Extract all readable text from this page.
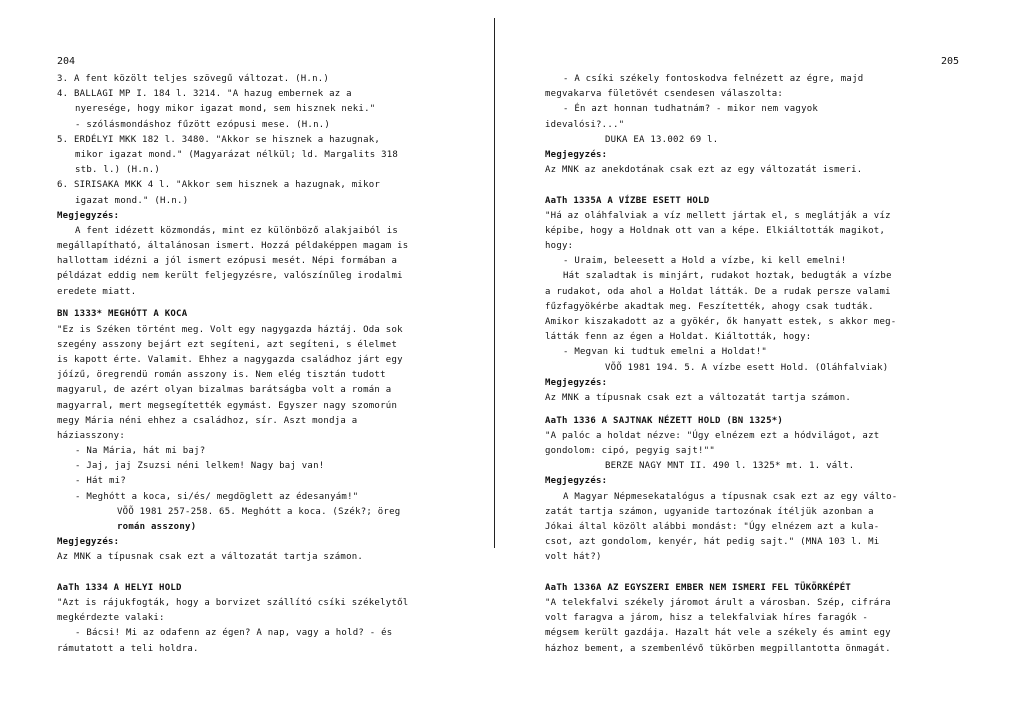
204	205
3. A fent közölt teljes szövegű változat. (H.n.)
4. BALLAGI MP I. 184 l. 3214. "A hazug embernek az a
nyeresége, hogy mikor igazat mond, sem hisznek neki."
- szólásmondáshoz fűzött ezópusi mese. (H.n.)
5. ERDÉLYI MKK 182 l. 3480. "Akkor se hisznek a hazugnak,
mikor igazat mond." (Magyarázat nélkül; ld. Margalits 318
stb. l.) (H.n.)
6. SIRISAKA MKK 4 l. "Akkor sem hisznek a hazugnak, mikor
igazat mond." (H.n.)
Megjegyzés:
A fent idézett közmondás, mint ez különböző alakjaiból is
megállapítható, általánosan ismert. Hozzá példaképpen magam is
hallottam idézni a jól ismert ezópusi mesét. Népi formában a
példázat eddig nem került feljegyzésre, valószínűleg irodalmi
eredete miatt.
BN 1333* MEGHÓTT A KOCA
"Ez is Széken történt meg. Volt egy nagygazda háztáj. Oda sok
szegény asszony bejárt ezt segíteni, azt segíteni, s élelmet
is kapott érte. Valamit. Ehhez a nagygazda családhoz járt egy
jóízű, öregrendü román asszony is. Nem elég tisztán tudott
magyarul, de azért olyan bizalmas barátságba volt a román a
magyarral, mert megsegítették egymást. Egyszer nagy szomorún
megy Mária néni ehhez a családhoz, sír. Aszt mondja a
háziasszony:
- Na Mária, hát mi baj?
- Jaj, jaj Zsuzsi néni lelkem! Nagy baj van!
- Hát mi?
- Meghótt a koca, si/és/ megdöglett az édesanyám!"
VÕÕ 1981 257-258. 65. Meghótt a koca. (Szék?; öreg
román asszony)
Megjegyzés:
Az MNK a típusnak csak ezt a változatát tartja számon.
AaTh 1334 A HELYI HOLD
"Azt is rájukfogták, hogy a borvizet szállító csíki székelytől
megkérdezte valaki:
- Bácsi! Mi az odafenn az égen? A nap, vagy a hold? - és
rámutatott a teli holdra.
- A csíki székely fontoskodva felnézett az égre, majd
megvakarva fületövét csendesen válaszolta:
- Én azt honnan tudhatnám? - mikor nem vagyok
idevalósi?..."
DUKA EA 13.002 69 l.
Megjegyzés:
Az MNK az anekdotának csak ezt az egy változatát ismeri.
AaTh 1335A A VÍZBE ESETT HOLD
"Há az oláhfalviak a víz mellett jártak el, s meglátják a víz
képibe, hogy a Holdnak ott van a képe. Elkiáltották magikot,
hogy:
- Uraim, beleesett a Hold a vízbe, ki kell emelni!
Hát szaladtak is minjárt, rudakot hoztak, bedugták a vízbe
a rudakot, oda ahol a Holdat látták. De a rudak persze valami
fűzfagyökérbe akadtak meg. Feszítették, ahogy csak tudták.
Amikor kiszakadott az a gyökér, ők hanyatt estek, s akkor meg-
látták fenn az égen a Holdat. Kiáltották, hogy:
- Megvan ki tudtuk emelni a Holdat!"
VÕÕ 1981 194. 5. A vízbe esett Hold. (Oláhfalviak)
Megjegyzés:
Az MNK a típusnak csak ezt a változatát tartja számon.
AaTh 1336 A SAJTNAK NÉZETT HOLD (BN 1325*)
"A palóc a holdat nézve: "Úgy elnézem ezt a hódvilágot, azt
gondolom: cipó, pegyig sajt!""
BERZE NAGY MNT II. 490 l. 1325* mt. 1. vált.
Megjegyzés:
A Magyar Népmesekatalógus a típusnak csak ezt az egy válto-
zatát tartja számon, ugyanide tartozónak ítéljük azonban a
Jókai által közölt alábbi mondást: "Úgy elnézem azt a kula-
csot, azt gondolom, kenyér, hát pedig sajt." (MNA 103 l. Mi
volt hát?)
AaTh 1336A AZ EGYSZERI EMBER NEM ISMERI FEL TÜKÖRKÉPÉT
"A telekfalvi székely járomot árult a városban. Szép, cifrára
volt faragva a járom, hisz a telekfalviak híres faragók -
mégsem került gazdája. Hazalt hát vele a székely és amint egy
házhoz bement, a szembenlévő tükörben megpillantotta önmagát.
